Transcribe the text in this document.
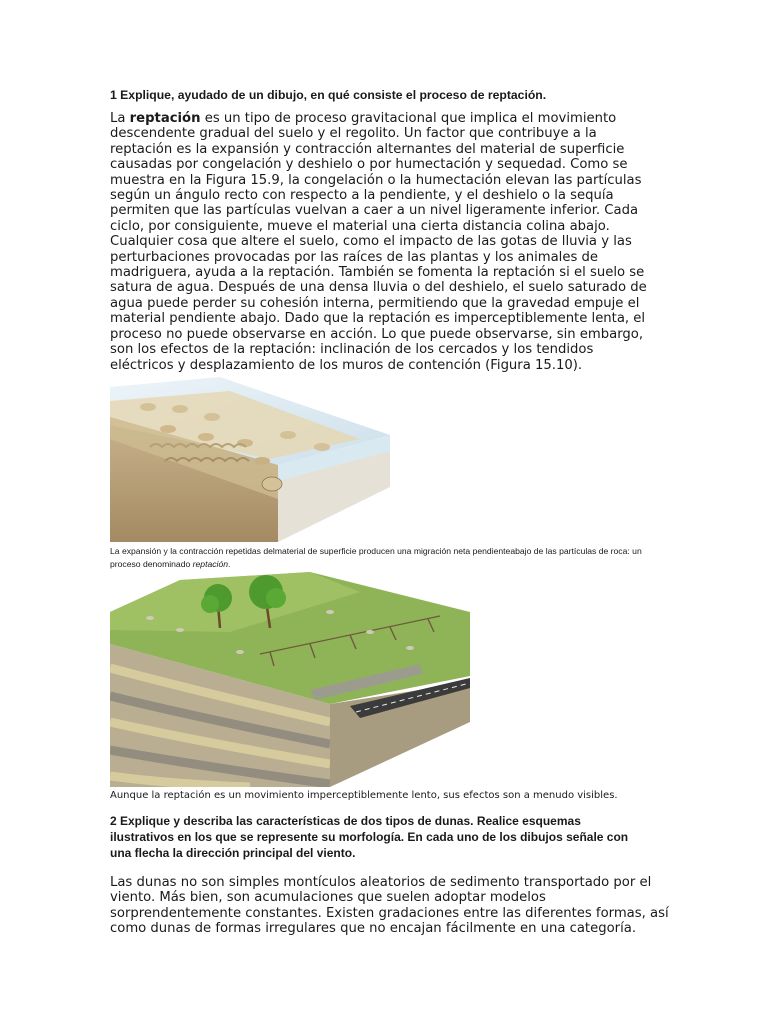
1 Explique, ayudado de un dibujo, en qué consiste el proceso de reptación.

La reptación es un tipo de proceso gravitacional que implica el movimiento descendente gradual del suelo y el regolito. Un factor que contribuye a la reptación es la expansión y contracción alternantes del material de superficie causadas por congelación y deshielo o por humectación y sequedad. Como se muestra en la Figura 15.9, la congelación o la humectación elevan las partículas según un ángulo recto con respecto a la pendiente, y el deshielo o la sequía permiten que las partículas vuelvan a caer a un nivel ligeramente inferior. Cada ciclo, por consiguiente, mueve el material una cierta distancia colina abajo. Cualquier cosa que altere el suelo, como el impacto de las gotas de lluvia y las perturbaciones provocadas por las raíces de las plantas y los animales de madriguera, ayuda a la reptación. También se fomenta la reptación si el suelo se satura de agua. Después de una densa lluvia o del deshielo, el suelo saturado de agua puede perder su cohesión interna, permitiendo que la gravedad empuje el material pendiente abajo. Dado que la reptación es imperceptiblemente lenta, el proceso no puede observarse en acción. Lo que puede observarse, sin embargo, son los efectos de la reptación: inclinación de los cercados y los tendidos eléctricos y desplazamiento de los muros de contención (Figura 15.10).

La expansión y la contracción repetidas delmaterial de superficie producen una migración neta pendienteabajo de las partículas de roca: un proceso denominado reptación.
Aunque la reptación es un movimiento imperceptiblemente lento, sus efectos son a menudo visibles.
2 Explique y describa las características de dos tipos de dunas. Realice esquemas ilustrativos en los que se represente su morfología. En cada uno de los dibujos señale con una flecha la dirección principal del viento.

Las dunas no son simples montículos aleatorios de sedimento transportado por el viento. Más bien, son acumulaciones que suelen adoptar modelos sorprendentemente constantes. Existen gradaciones entre las diferentes formas, así como dunas de formas irregulares que no encajan fácilmente en una categoría.
